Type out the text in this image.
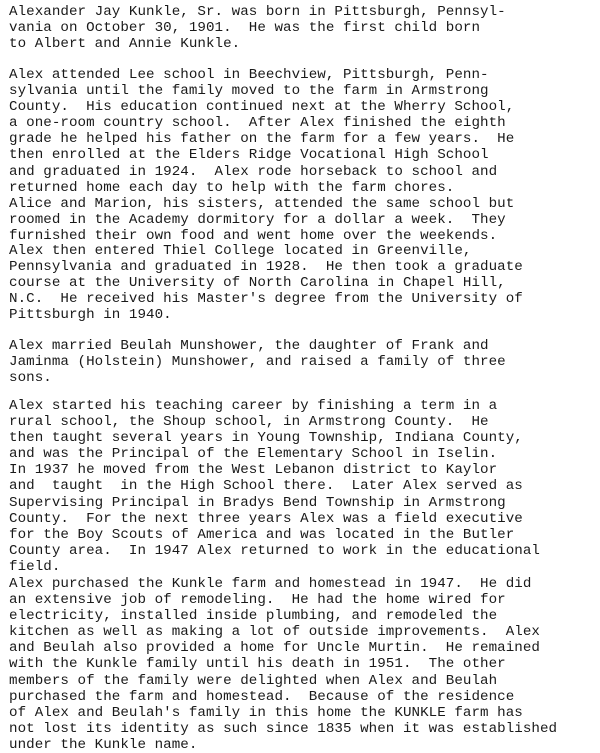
Alexander Jay Kunkle, Sr. was born in Pittsburgh, Pennsyl-
vania on October 30, 1901.  He was the first child born
to Albert and Annie Kunkle.

Alex attended Lee school in Beechview, Pittsburgh, Penn-
sylvania until the family moved to the farm in Armstrong
County.  His education continued next at the Wherry School,
a one-room country school.  After Alex finished the eighth
grade he helped his father on the farm for a few years.  He
then enrolled at the Elders Ridge Vocational High School
and graduated in 1924.  Alex rode horseback to school and
returned home each day to help with the farm chores.
Alice and Marion, his sisters, attended the same school but
roomed in the Academy dormitory for a dollar a week.  They
furnished their own food and went home over the weekends.

Alex then entered Thiel College located in Greenville,
Pennsylvania and graduated in 1928.  He then took a graduate
course at the University of North Carolina in Chapel Hill,
N.C.  He received his Master's degree from the University of
Pittsburgh in 1940.

Alex married Beulah Munshower, the daughter of Frank and
Jaminma (Holstein) Munshower, and raised a family of three
sons.

Alex started his teaching career by finishing a term in a
rural school, the Shoup school, in Armstrong County.  He
then taught several years in Young Township, Indiana County,
and was the Principal of the Elementary School in Iselin.
In 1937 he moved from the West Lebanon district to Kaylor
and  taught  in the High School there.  Later Alex served as
Supervising Principal in Bradys Bend Township in Armstrong
County.  For the next three years Alex was a field executive
for the Boy Scouts of America and was located in the Butler
County area.  In 1947 Alex returned to work in the educational
field.

Alex purchased the Kunkle farm and homestead in 1947.  He did
an extensive job of remodeling.  He had the home wired for
electricity, installed inside plumbing, and remodeled the
kitchen as well as making a lot of outside improvements.  Alex
and Beulah also provided a home for Uncle Murtin.  He remained
with the Kunkle family until his death in 1951.  The other
members of the family were delighted when Alex and Beulah
purchased the farm and homestead.  Because of the residence
of Alex and Beulah's family in this home the KUNKLE farm has
not lost its identity as such since 1835 when it was established
under the Kunkle name.
